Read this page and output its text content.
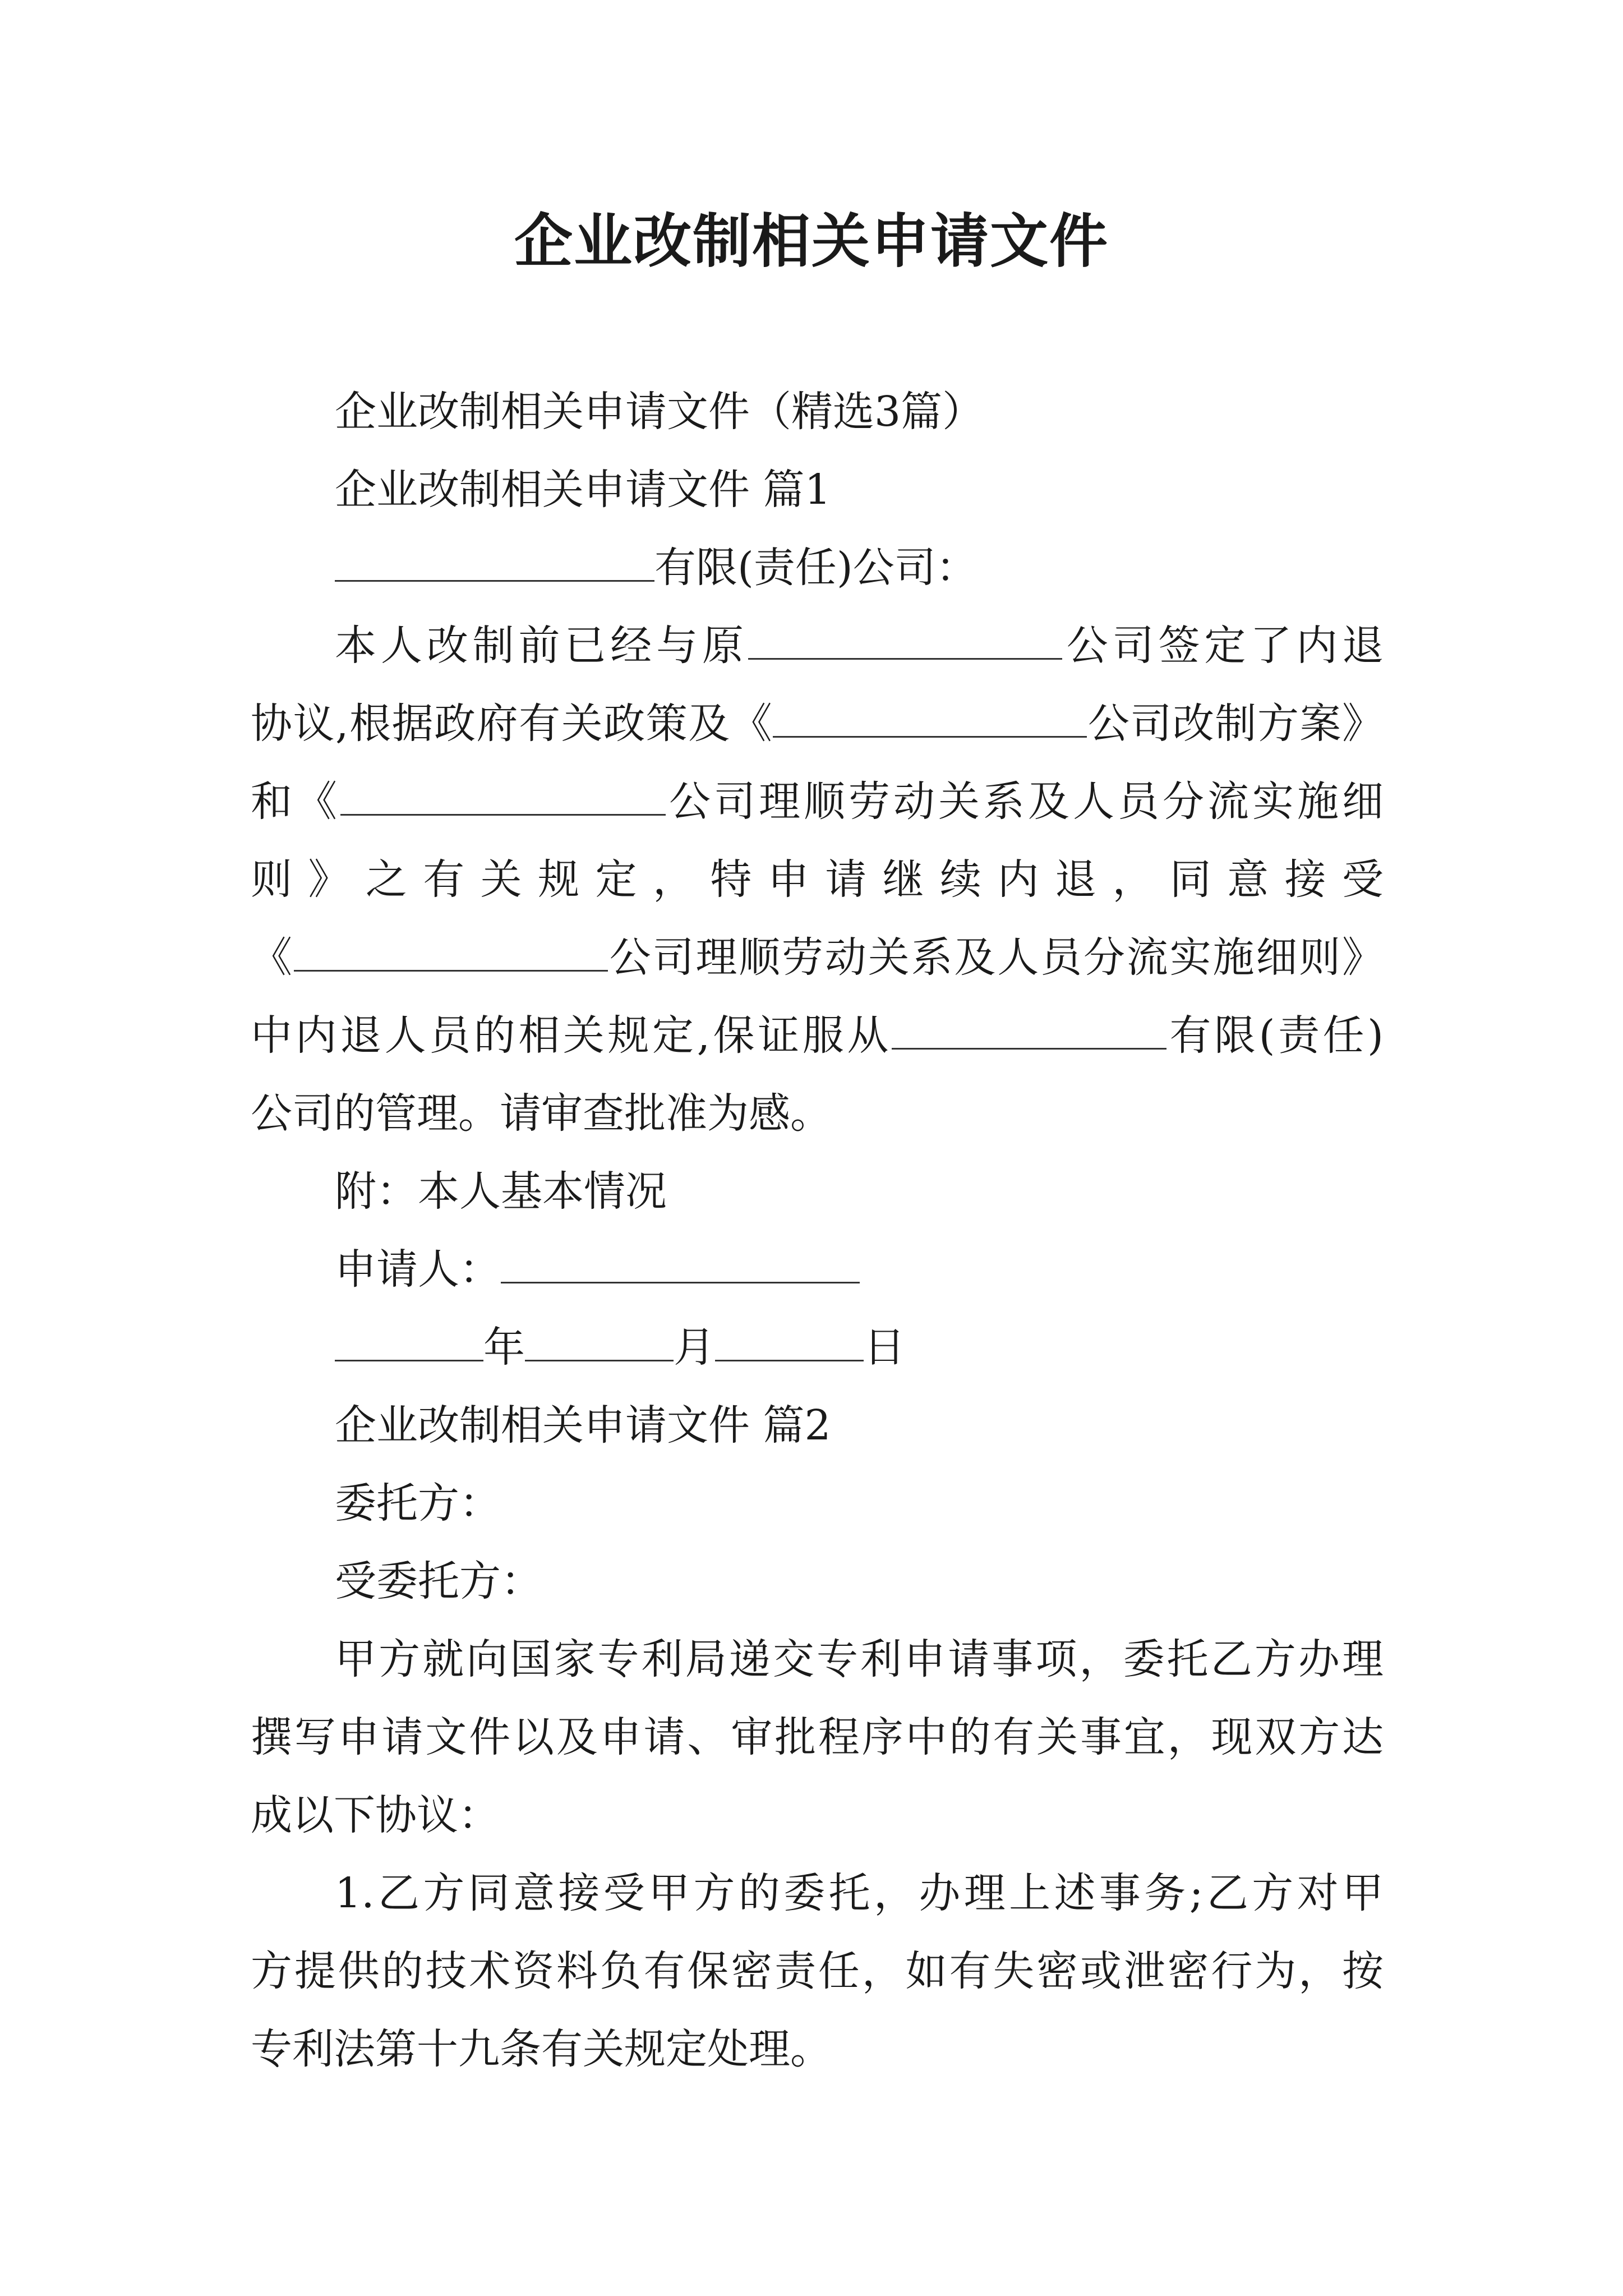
企业改制相关申请文件
企业改制相关申请文件（精选3篇）
企业改制相关申请文件 篇1
有限(责任)公司：
本人改制前已经与原	公司签定了内退
协议,根据政府有关政策及《	公司改制方案》
和《	公司理顺劳动关系及人员分流实施细
则》之有关规定，特申请继续内退，同意接受
《	公司理顺劳动关系及人员分流实施细则》
中内退人员的相关规定,保证服从	有限(责任)
公司的管理。请审查批准为感。
附：本人基本情况
申请人：
年	月	日
企业改制相关申请文件 篇2
委托方：
受委托方：
甲方就向国家专利局递交专利申请事项，委托乙方办理
撰写申请文件以及申请、审批程序中的有关事宜，现双方达
成以下协议：
1.乙方同意接受甲方的委托，办理上述事务;乙方对甲
方提供的技术资料负有保密责任，如有失密或泄密行为，按
专利法第十九条有关规定处理。
